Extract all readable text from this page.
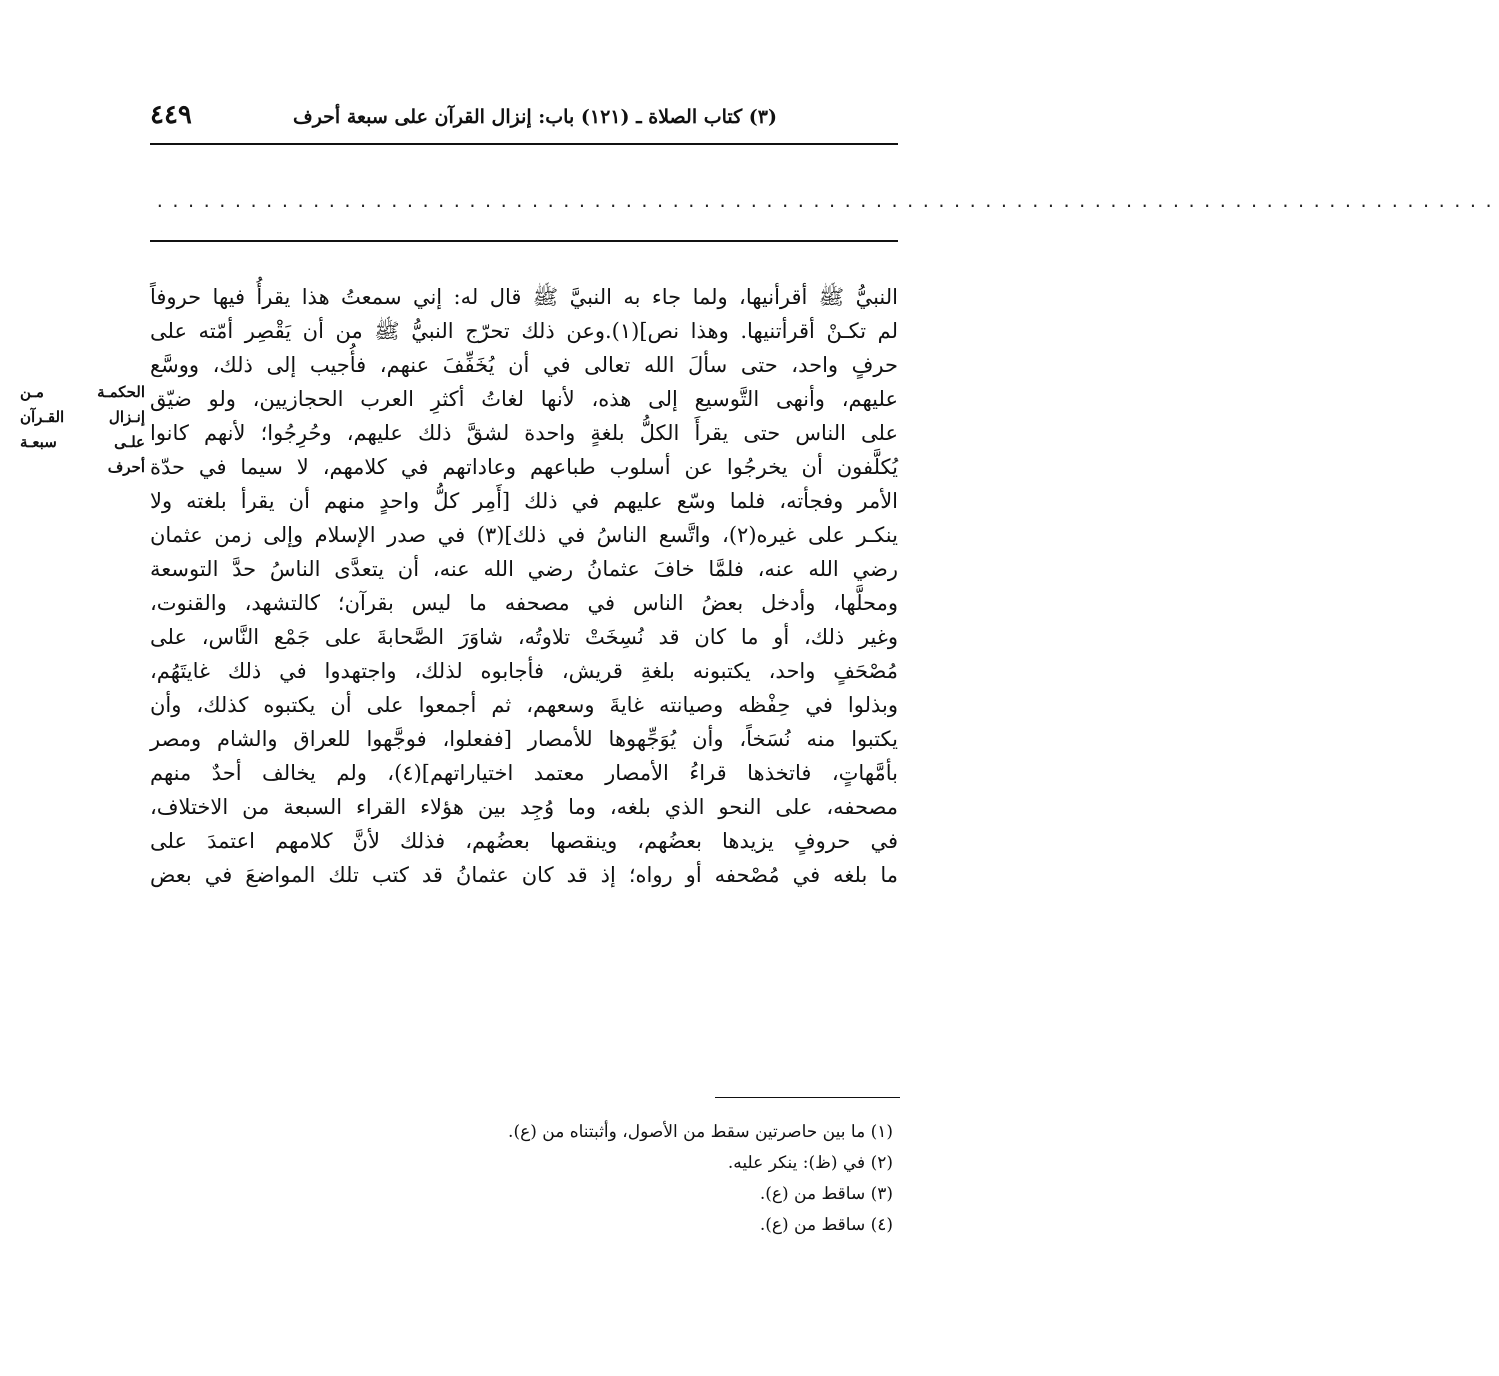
٤٤٩	(٣) كتاب الصلاة ـ (١٢١) باب: إنزال القرآن على سبعة أحرف
......................................................................................
النبيُّ ﷺ أقرأنيها، ولما جاء به النبيَّ ﷺ قال له: إني سمعتُ هذا يقرأُ فيها حروفاً
لم تكـنْ أقرأتنيها. وهذا نص](١).وعن ذلك تحرّج النبيُّ ﷺ من أن يَقْصِر أمّته على
حرفٍ واحد، حتى سألَ الله تعالى في أن يُخَفِّفَ عنهم، فأُجيب إلى ذلك، ووسَّع
عليهم، وأنهى التَّوسيع إلى هذه، لأنها لغاتُ أكثرِ العرب الحجازيين، ولو ضيّق
على الناس حتى يقرأَ الكلُّ بلغةٍ واحدة لشقَّ ذلك عليهم، وحُرِجُوا؛ لأنهم كانوا
يُكلَّفون أن يخرجُوا عن أسلوب طباعهم وعاداتهم في كلامهم، لا سيما في حدّة
الأمر وفجأته، فلما وسّع عليهم في ذلك [أَمِر كلُّ واحدٍ منهم أن يقرأ بلغته ولا
ينكـر على غيره(٢)، واتَّسع الناسُ في ذلك](٣) في صدر الإسلام وإلى زمن عثمان
رضي الله عنه، فلمَّا خافَ عثمانُ رضي الله عنه، أن يتعدَّى الناسُ حدَّ التوسعة
ومحلَّها، وأدخل بعضُ الناس في مصحفه ما ليس بقرآن؛ كالتشهد، والقنوت،
وغير ذلك، أو ما كان قد نُسِخَتْ تلاوتُه، شاوَرَ الصَّحابةَ على جَمْع النَّاس، على
مُصْحَفٍ واحد، يكتبونه بلغةِ قريش، فأجابوه لذلك، واجتهدوا في ذلك غايتَهُم،
وبذلوا في حِفْظه وصيانته غايةَ وسعهم، ثم أجمعوا على أن يكتبوه كذلك، وأن
يكتبوا منه نُسَخاً، وأن يُوَجِّهوها للأمصار [ففعلوا، فوجَّهوا للعراق والشام ومصر
بأمَّهاتٍ، فاتخذها قراءُ الأمصار معتمد اختياراتهم](٤)، ولم يخالف أحدٌ منهم
مصحفه، على النحو الذي بلغه، وما وُجِد بين هؤلاء القراء السبعة من الاختلاف،
في حروفٍ يزيدها بعضُهم، وينقصها بعضُهم، فذلك لأنَّ كلامهم اعتمدَ على
ما بلغه في مُصْحفه أو رواه؛ إذ قد كان عثمانُ قد كتب تلك المواضعَ في بعض
الحكمـة مـن
إنـزال القـرآن
علـى سبعـة
أحرف
(١) ما بين حاصرتين سقط من الأصول، وأثبتناه من (ع).
(٢) في (ظ): ينكر عليه.
(٣) ساقط من (ع).
(٤) ساقط من (ع).
